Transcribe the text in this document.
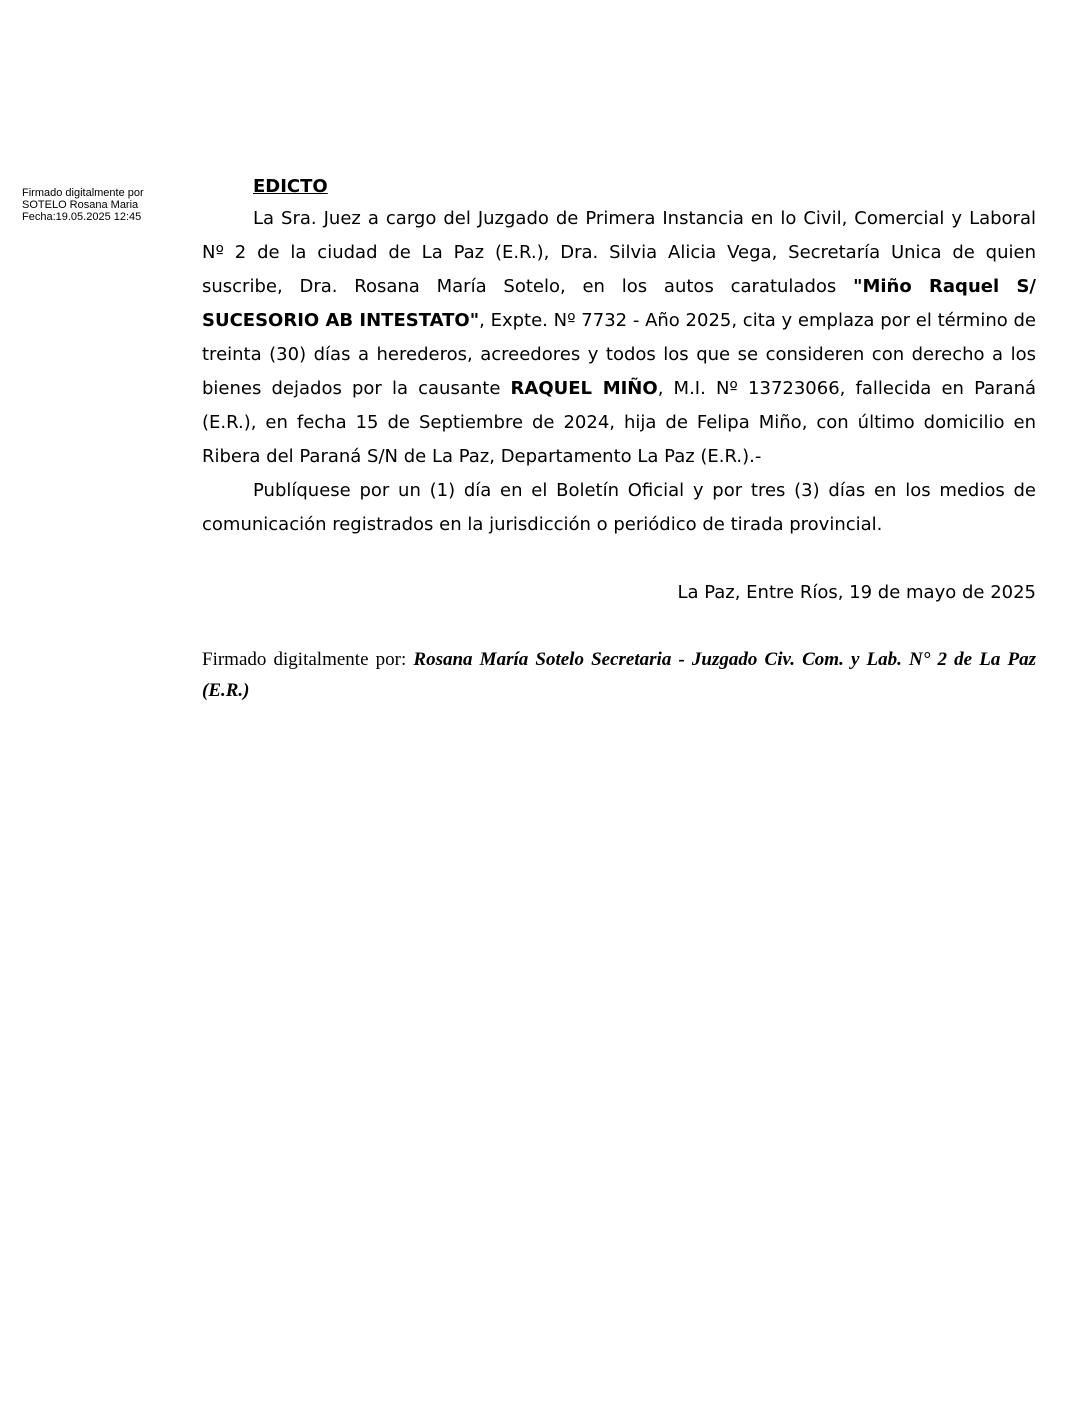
Firmado digitalmente por
SOTELO Rosana Maria
Fecha:19.05.2025 12:45
EDICTO

La Sra. Juez a cargo del Juzgado de Primera Instancia en lo Civil, Comercial y Laboral Nº 2 de la ciudad de La Paz (E.R.), Dra. Silvia Alicia Vega, Secretaría Unica de quien suscribe, Dra. Rosana María Sotelo, en los autos caratulados "Miño Raquel S/ SUCESORIO AB INTESTATO", Expte. Nº 7732 - Año 2025, cita y emplaza por el término de treinta (30) días a herederos, acreedores y todos los que se consideren con derecho a los bienes dejados por la causante RAQUEL MIÑO, M.I. Nº 13723066, fallecida en Paraná (E.R.), en fecha 15 de Septiembre de 2024, hija de Felipa Miño, con último domicilio en Ribera del Paraná S/N de La Paz, Departamento La Paz (E.R.).-

Publíquese por un (1) día en el Boletín Oficial y por tres (3) días en los medios de comunicación registrados en la jurisdicción o periódico de tirada provincial.

La Paz, Entre Ríos, 19 de mayo de 2025

Firmado digitalmente por: Rosana María Sotelo Secretaria - Juzgado Civ. Com. y Lab. N° 2 de La Paz (E.R.)
